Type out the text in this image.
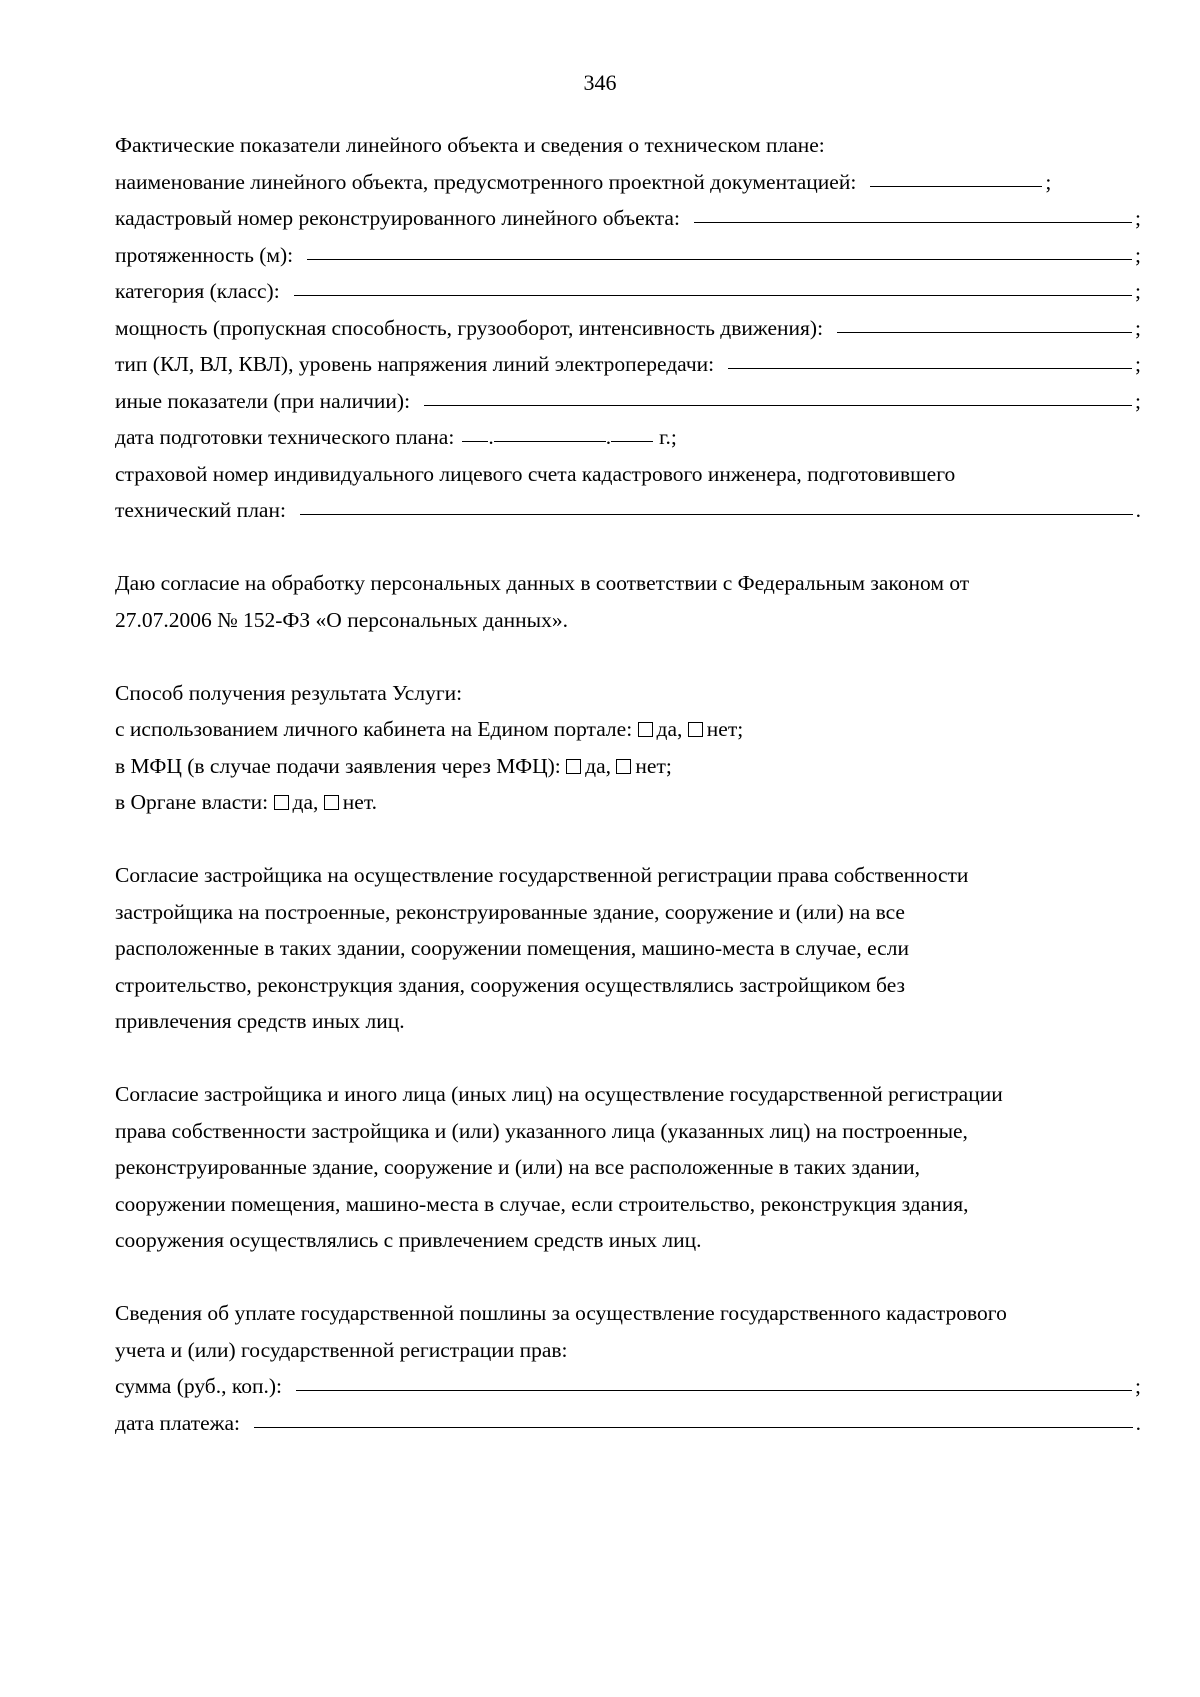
346
Фактические показатели линейного объекта и сведения о техническом плане:
наименование линейного объекта, предусмотренного проектной документацией:	;
кадастровый номер реконструированного линейного объекта:	;
протяженность (м):	;
категория (класс):	;
мощность (пропускная способность, грузооборот, интенсивность движения):	;
тип (КЛ, ВЛ, КВЛ), уровень напряжения линий электропередачи:	;
иные показатели (при наличии):	;
дата подготовки технического плана: .	. г.;
страховой номер индивидуального лицевого счета кадастрового инженера, подготовившего
технический план:	.
Даю согласие на обработку персональных данных в соответствии с Федеральным законом от
27.07.2006 № 152-ФЗ «О персональных данных».
Способ получения результата Услуги:
с использованием личного кабинета на Едином портале: да, нет;
в МФЦ (в случае подачи заявления через МФЦ): да, нет;
в Органе власти: да, нет.
Согласие застройщика на осуществление государственной регистрации права собственности
застройщика на построенные, реконструированные здание, сооружение и (или) на все
расположенные в таких здании, сооружении помещения, машино-места в случае, если
строительство, реконструкция здания, сооружения осуществлялись застройщиком без
привлечения средств иных лиц.
Согласие застройщика и иного лица (иных лиц) на осуществление государственной регистрации
права собственности застройщика и (или) указанного лица (указанных лиц) на построенные,
реконструированные здание, сооружение и (или) на все расположенные в таких здании,
сооружении помещения, машино-места в случае, если строительство, реконструкция здания,
сооружения осуществлялись с привлечением средств иных лиц.
Сведения об уплате государственной пошлины за осуществление государственного кадастрового
учета и (или) государственной регистрации прав:
сумма (руб., коп.):	;
дата платежа:	.
